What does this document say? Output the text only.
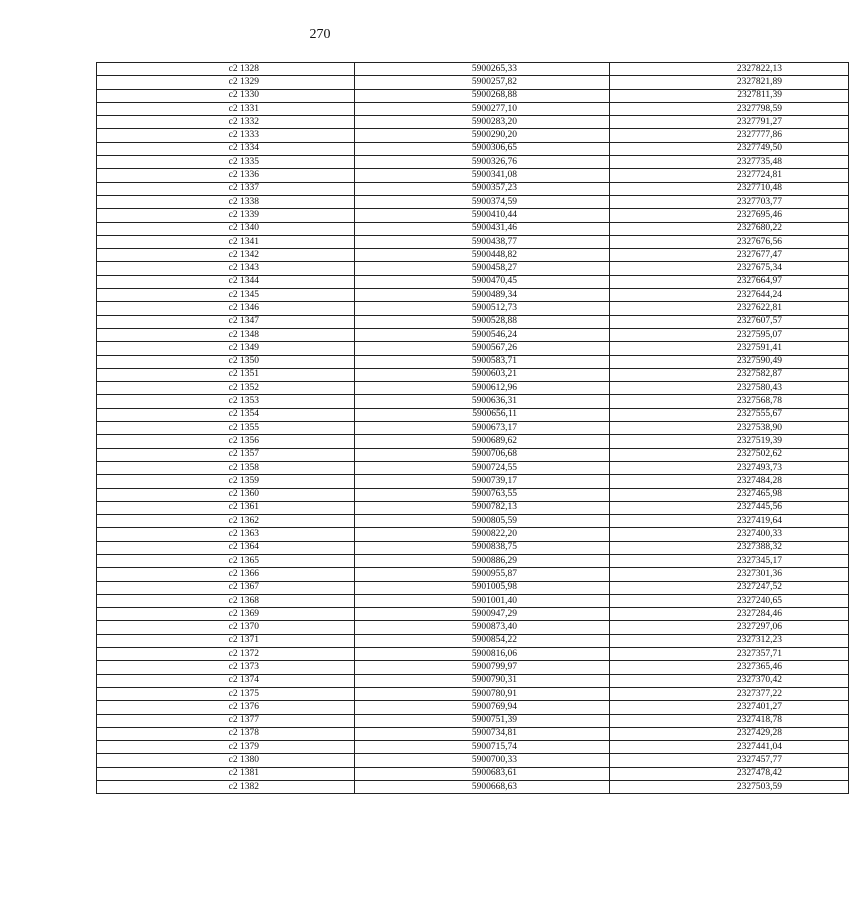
270
с2 1328	5900265,33	2327822,13
с2 1329	5900257,82	2327821,89
с2 1330	5900268,88	2327811,39
с2 1331	5900277,10	2327798,59
с2 1332	5900283,20	2327791,27
с2 1333	5900290,20	2327777,86
с2 1334	5900306,65	2327749,50
с2 1335	5900326,76	2327735,48
с2 1336	5900341,08	2327724,81
с2 1337	5900357,23	2327710,48
с2 1338	5900374,59	2327703,77
с2 1339	5900410,44	2327695,46
с2 1340	5900431,46	2327680,22
с2 1341	5900438,77	2327676,56
с2 1342	5900448,82	2327677,47
с2 1343	5900458,27	2327675,34
с2 1344	5900470,45	2327664,97
с2 1345	5900489,34	2327644,24
с2 1346	5900512,73	2327622,81
с2 1347	5900528,88	2327607,57
с2 1348	5900546,24	2327595,07
с2 1349	5900567,26	2327591,41
с2 1350	5900583,71	2327590,49
с2 1351	5900603,21	2327582,87
с2 1352	5900612,96	2327580,43
с2 1353	5900636,31	2327568,78
с2 1354	5900656,11	2327555,67
с2 1355	5900673,17	2327538,90
с2 1356	5900689,62	2327519,39
с2 1357	5900706,68	2327502,62
с2 1358	5900724,55	2327493,73
с2 1359	5900739,17	2327484,28
с2 1360	5900763,55	2327465,98
с2 1361	5900782,13	2327445,56
с2 1362	5900805,59	2327419,64
с2 1363	5900822,20	2327400,33
с2 1364	5900838,75	2327388,32
с2 1365	5900886,29	2327345,17
с2 1366	5900955,87	2327301,36
с2 1367	5901005,98	2327247,52
с2 1368	5901001,40	2327240,65
с2 1369	5900947,29	2327284,46
с2 1370	5900873,40	2327297,06
с2 1371	5900854,22	2327312,23
с2 1372	5900816,06	2327357,71
с2 1373	5900799,97	2327365,46
с2 1374	5900790,31	2327370,42
с2 1375	5900780,91	2327377,22
с2 1376	5900769,94	2327401,27
с2 1377	5900751,39	2327418,78
с2 1378	5900734,81	2327429,28
с2 1379	5900715,74	2327441,04
с2 1380	5900700,33	2327457,77
с2 1381	5900683,61	2327478,42
с2 1382	5900668,63	2327503,59
